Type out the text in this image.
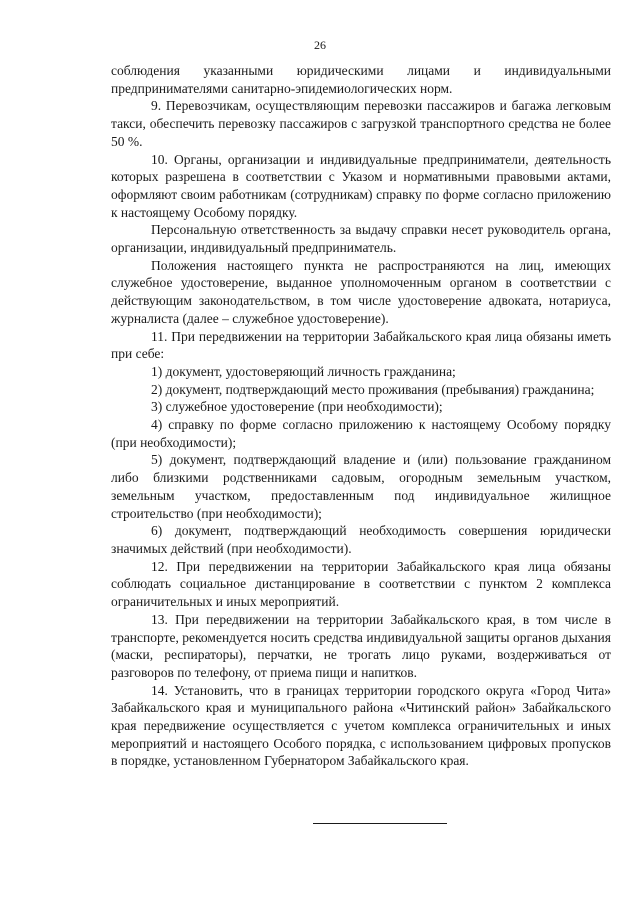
26

соблюдения указанными юридическими лицами и индивидуальными предпринимателями санитарно-эпидемиологических норм.

9. Перевозчикам, осуществляющим перевозки пассажиров и багажа легковым такси, обеспечить перевозку пассажиров с загрузкой транспортного средства не более 50 %.

10. Органы, организации и индивидуальные предприниматели, деятельность которых разрешена в соответствии с Указом и нормативными правовыми актами, оформляют своим работникам (сотрудникам) справку по форме согласно приложению к настоящему Особому порядку.

Персональную ответственность за выдачу справки несет руководитель органа, организации, индивидуальный предприниматель.

Положения настоящего пункта не распространяются на лиц, имеющих служебное удостоверение, выданное уполномоченным органом в соответствии с действующим законодательством, в том числе удостоверение адвоката, нотариуса, журналиста (далее – служебное удостоверение).

11. При передвижении на территории Забайкальского края лица обязаны иметь при себе:

1) документ, удостоверяющий личность гражданина;

2) документ, подтверждающий место проживания (пребывания) гражданина;

3) служебное удостоверение (при необходимости);

4) справку по форме согласно приложению к настоящему Особому порядку (при необходимости);

5) документ, подтверждающий владение и (или) пользование гражданином либо близкими родственниками садовым, огородным земельным участком, земельным участком, предоставленным под индивидуальное жилищное строительство (при необходимости);

6) документ, подтверждающий необходимость совершения юридически значимых действий (при необходимости).

12. При передвижении на территории Забайкальского края лица обязаны соблюдать социальное дистанцирование в соответствии с пунктом 2 комплекса ограничительных и иных мероприятий.

13. При передвижении на территории Забайкальского края, в том числе в транспорте, рекомендуется носить средства индивидуальной защиты органов дыхания (маски, респираторы), перчатки, не трогать лицо руками, воздерживаться от разговоров по телефону, от приема пищи и напитков.

14. Установить, что в границах территории городского округа «Город Чита» Забайкальского края и муниципального района «Читинский район» Забайкальского края передвижение осуществляется с учетом комплекса ограничительных и иных мероприятий и настоящего Особого порядка, с использованием цифровых пропусков в порядке, установленном Губернатором Забайкальского края.
